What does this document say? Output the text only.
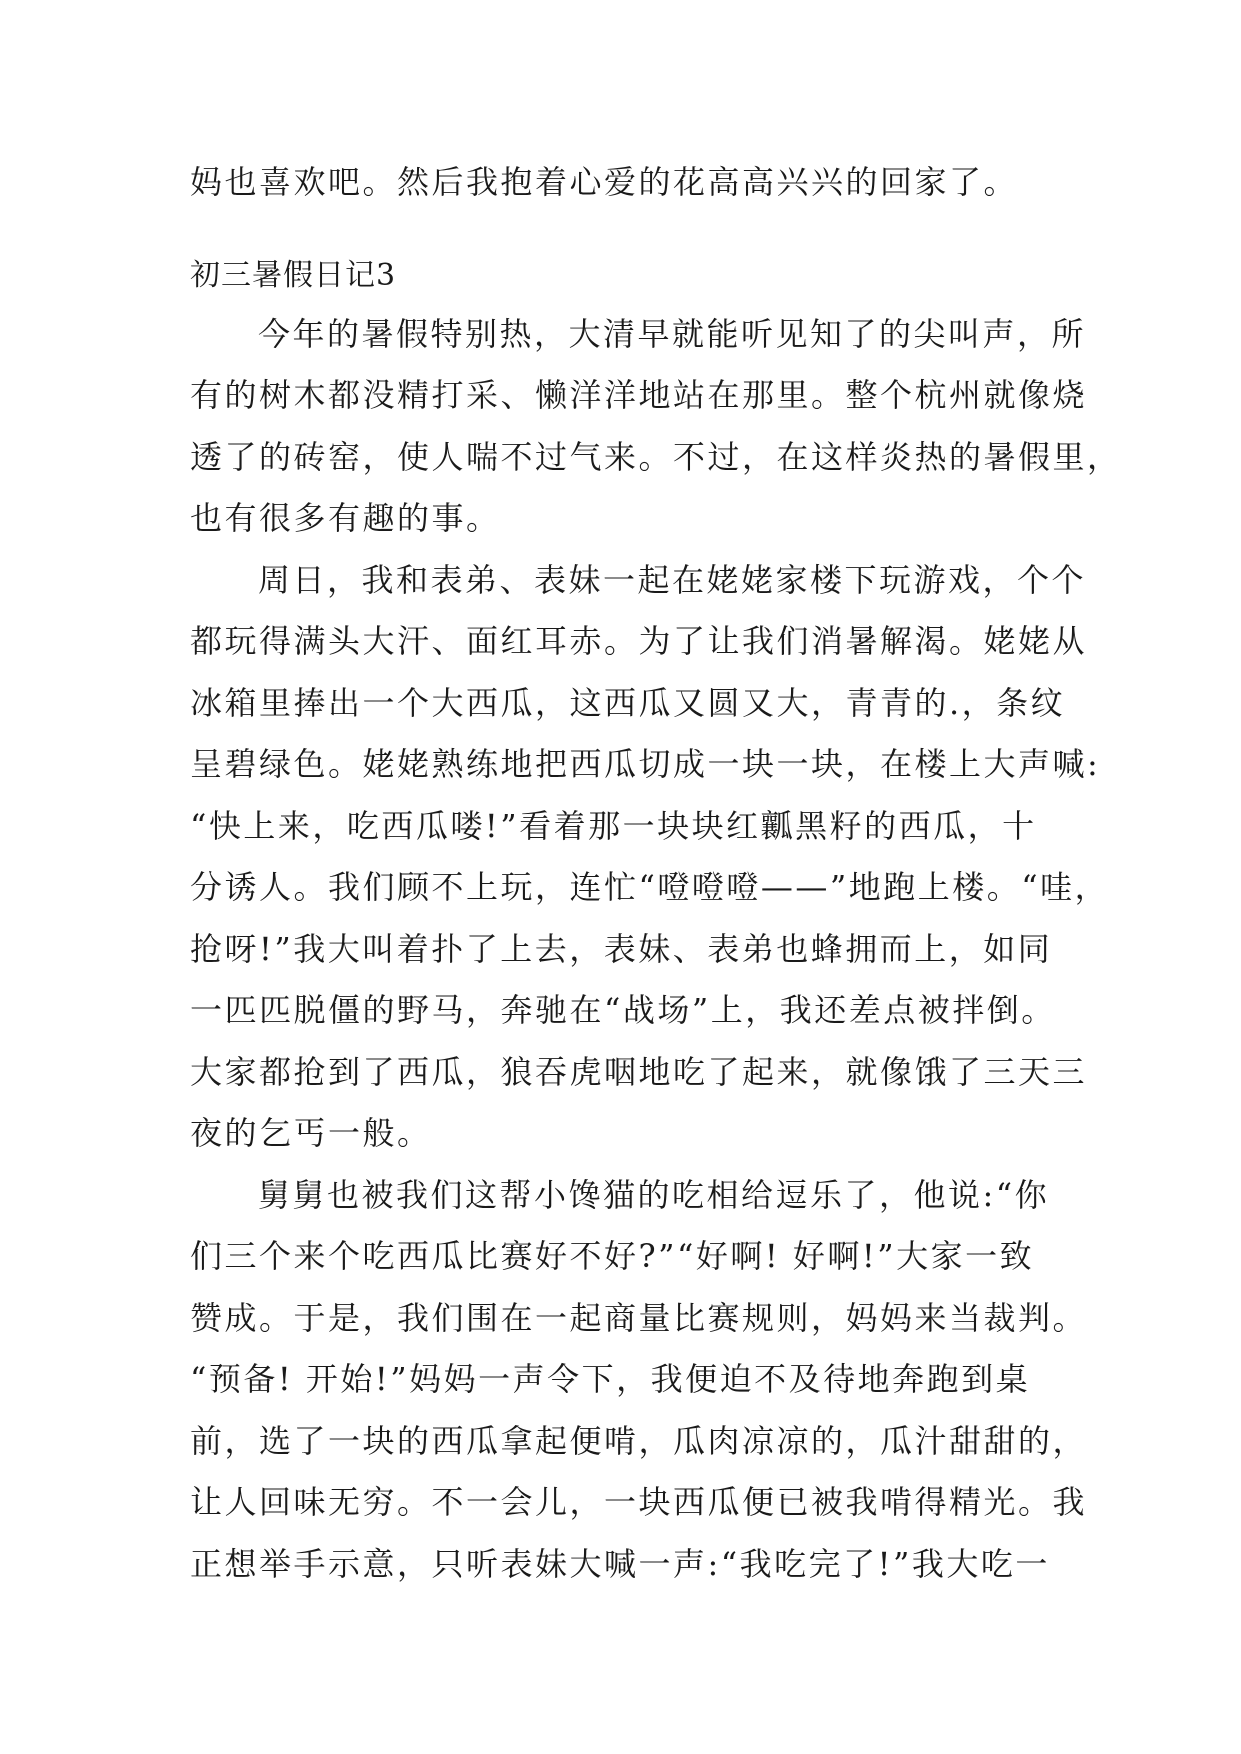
妈也喜欢吧。然后我抱着心爱的花高高兴兴的回家了。
初三暑假日记3
今年的暑假特别热，大清早就能听见知了的尖叫声，所
有的树木都没精打采、懒洋洋地站在那里。整个杭州就像烧
透了的砖窑，使人喘不过气来。不过，在这样炎热的暑假里，
也有很多有趣的事。
周日，我和表弟、表妹一起在姥姥家楼下玩游戏，个个
都玩得满头大汗、面红耳赤。为了让我们消暑解渴。姥姥从
冰箱里捧出一个大西瓜，这西瓜又圆又大，青青的.，条纹
呈碧绿色。姥姥熟练地把西瓜切成一块一块，在楼上大声喊:
“快上来，吃西瓜喽!”看着那一块块红瓤黑籽的西瓜，十
分诱人。我们顾不上玩，连忙“噔噔噔——”地跑上楼。“哇，
抢呀!”我大叫着扑了上去，表妹、表弟也蜂拥而上，如同
一匹匹脱僵的野马，奔驰在“战场”上，我还差点被拌倒。
大家都抢到了西瓜，狼吞虎咽地吃了起来，就像饿了三天三
夜的乞丐一般。
舅舅也被我们这帮小馋猫的吃相给逗乐了，他说:“你
们三个来个吃西瓜比赛好不好?”“好啊! 好啊!”大家一致
赞成。于是，我们围在一起商量比赛规则，妈妈来当裁判。
“预备! 开始!”妈妈一声令下，我便迫不及待地奔跑到桌
前，选了一块的西瓜拿起便啃，瓜肉凉凉的，瓜汁甜甜的，
让人回味无穷。不一会儿，一块西瓜便已被我啃得精光。我
正想举手示意，只听表妹大喊一声:“我吃完了!”我大吃一
